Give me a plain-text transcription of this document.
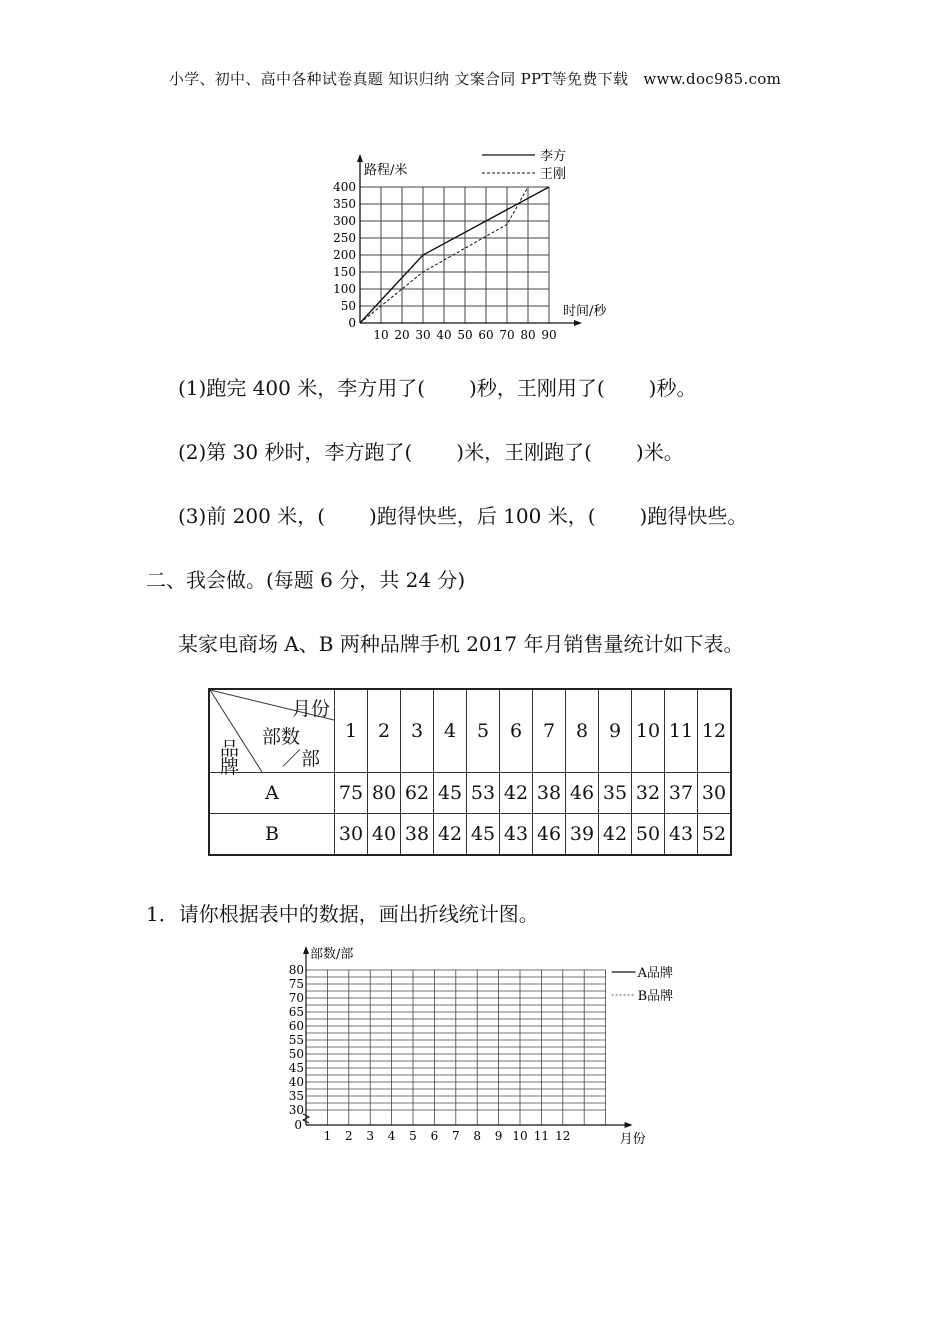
小学、初中、高中各种试卷真题 知识归纳 文案合同 PPT等免费下载 www.doc985.com
50
100
150
200
250
300
350
400
0
10 20 30 40 50 60 70 80 90
路程/米
时间/秒
李方
王刚
(1)跑完 400 米，李方用了( )秒，王刚用了( )秒。
(2)第 30 秒时，李方跑了( )米，王刚跑了( )米。
(3)前 200 米，( )跑得快些，后 100 米，( )跑得快些。
二、我会做。(每题 6 分，共 24 分)
某家电商场 A、B 两种品牌手机 2017 年月销售量统计如下表。
月份
部数
／部
品
牌	1	2	3	4	5	6	7	8	9	10	11	12
A	75	80	62	45	53	42	38	46	35	32	37	30
B	30	40	38	42	45	43	46	39	42	50	43	52
1．请你根据表中的数据，画出折线统计图。
30
35
40
45
50
55
60
65
70
75
80
0
1 2 3 4 5 6 7 8 9 10 11 12
部数/部
月份
A品牌
B品牌
